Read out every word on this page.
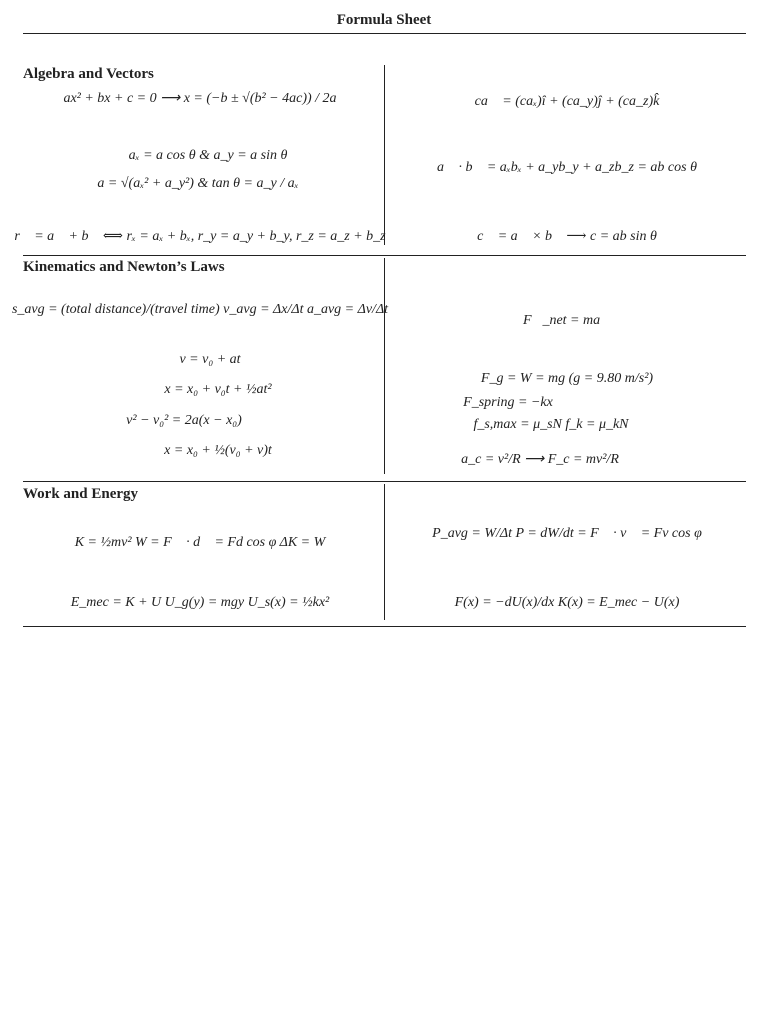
Formula Sheet
Algebra and Vectors
ax² + bx + c = 0 ⟶ x = (−b ± √(b² − 4ac)) / 2a
aₓ = a cos θ & a_y = a sin θ
a = √(aₓ² + a_y²) & tan θ = a_y / aₓ
r⃗ = a⃗ + b⃗ ⟺ rₓ = aₓ + bₓ, r_y = a_y + b_y, r_z = a_z + b_z
ca⃗ = (caₓ)î + (ca_y)ĵ + (ca_z)k̂
a⃗ · b⃗ = aₓbₓ + a_yb_y + a_zb_z = ab cos θ
c⃗ = a⃗ × b⃗ ⟶ c = ab sin θ
Kinematics and Newton’s Laws
s_avg = (total distance)/(travel time) v_avg = Δx/Δt a_avg = Δv/Δt
v = v₀ + at
x = x₀ + v₀t + ½at²
v² − v₀² = 2a(x − x₀)
x = x₀ + ½(v₀ + v)t
F⃗_net = ma⃗
F_g = W = mg (g = 9.80 m/s²)
F_spring = −kx
f_s,max = μ_sN f_k = μ_kN
a_c = v²/R ⟶ F_c = mv²/R
Work and Energy
K = ½mv² W = F⃗ · d⃗ = Fd cos φ ΔK = W
E_mec = K + U U_g(y) = mgy U_s(x) = ½kx²
P_avg = W/Δt P = dW/dt = F⃗ · v⃗ = Fv cos φ
F(x) = −dU(x)/dx K(x) = E_mec − U(x)
